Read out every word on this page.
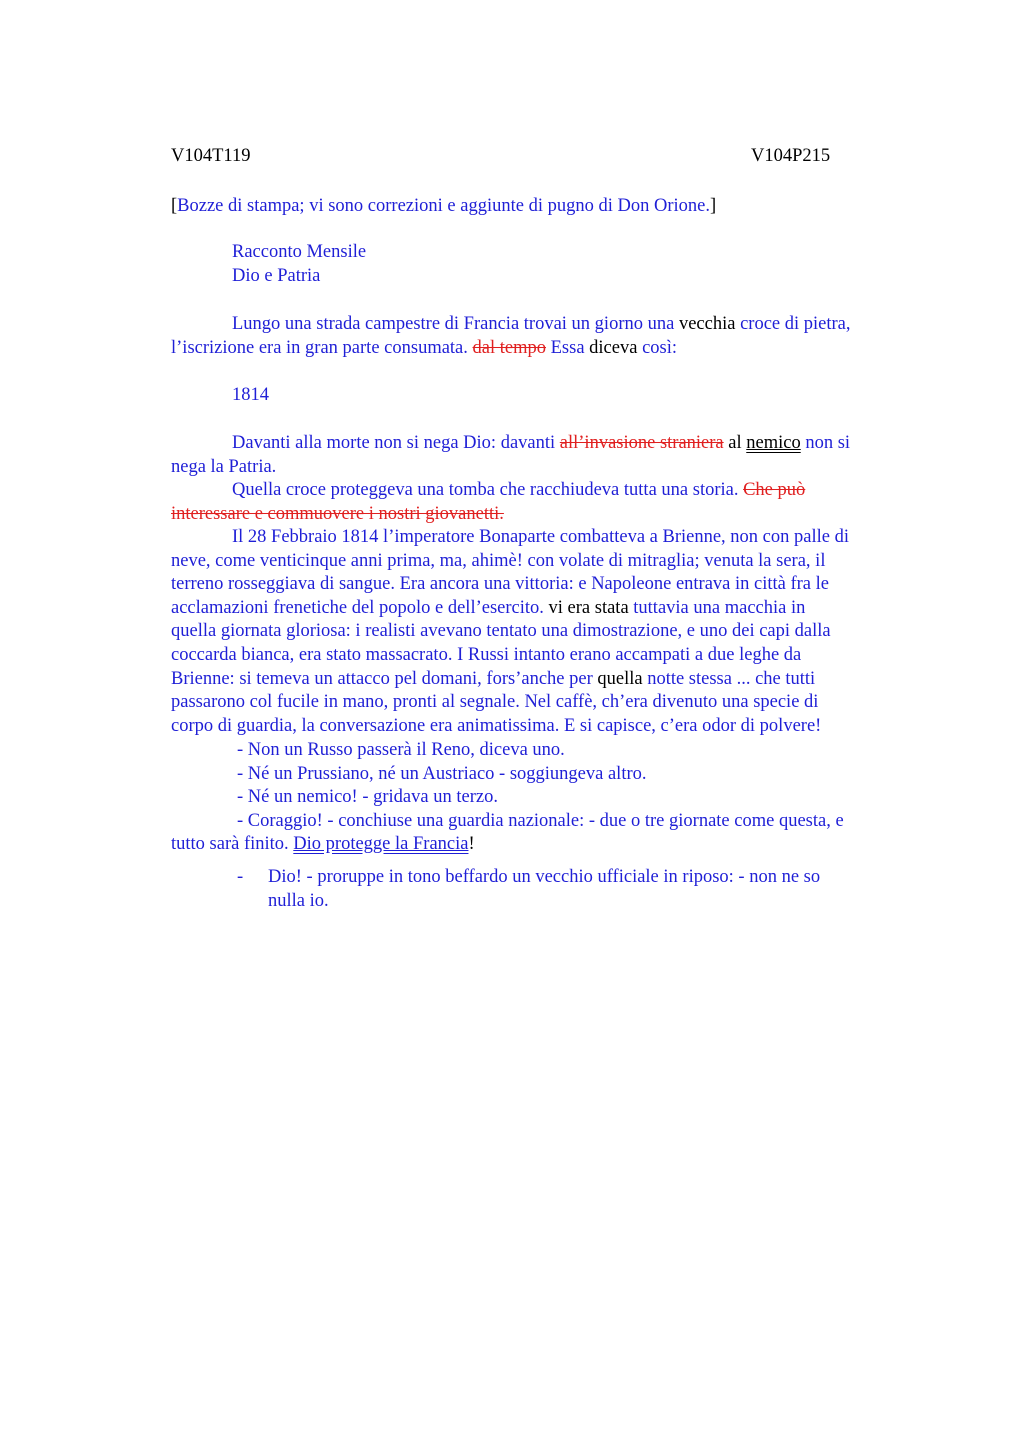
V104T119	V104P215
[Bozze di stampa; vi sono correzioni e aggiunte di pugno di Don Orione.]
Racconto Mensile
Dio e Patria
Lungo una strada campestre di Francia trovai un giorno una vecchia croce di pietra,
l’iscrizione era in gran parte consumata. dal tempo Essa diceva così:
1814
Davanti alla morte non si nega Dio: davanti all’invasione straniera al nemico non si
nega la Patria.
Quella croce proteggeva una tomba che racchiudeva tutta una storia. Che può
interessare e commuovere i nostri giovanetti.
Il 28 Febbraio 1814 l’imperatore Bonaparte combatteva a Brienne, non con palle di
neve, come venticinque anni prima, ma, ahimè! con volate di mitraglia; venuta la sera, il
terreno rosseggiava di sangue. Era ancora una vittoria: e Napoleone entrava in città fra le
acclamazioni frenetiche del popolo e dell’esercito. vi era stata tuttavia una macchia in
quella giornata gloriosa: i realisti avevano tentato una dimostrazione, e uno dei capi dalla
coccarda bianca, era stato massacrato. I Russi intanto erano accampati a due leghe da
Brienne: si temeva un attacco pel domani, fors’anche per quella notte stessa ... che tutti
passarono col fucile in mano, pronti al segnale. Nel caffè, ch’era divenuto una specie di
corpo di guardia, la conversazione era animatissima. E si capisce, c’era odor di polvere!
- Non un Russo passerà il Reno, diceva uno.
- Né un Prussiano, né un Austriaco - soggiungeva altro.
- Né un nemico! - gridava un terzo.
- Coraggio! - conchiuse una guardia nazionale: - due o tre giornate come questa, e
tutto sarà finito. Dio protegge la Francia!
- Dio! - proruppe in tono beffardo un vecchio ufficiale in riposo: - non ne so
nulla io.
